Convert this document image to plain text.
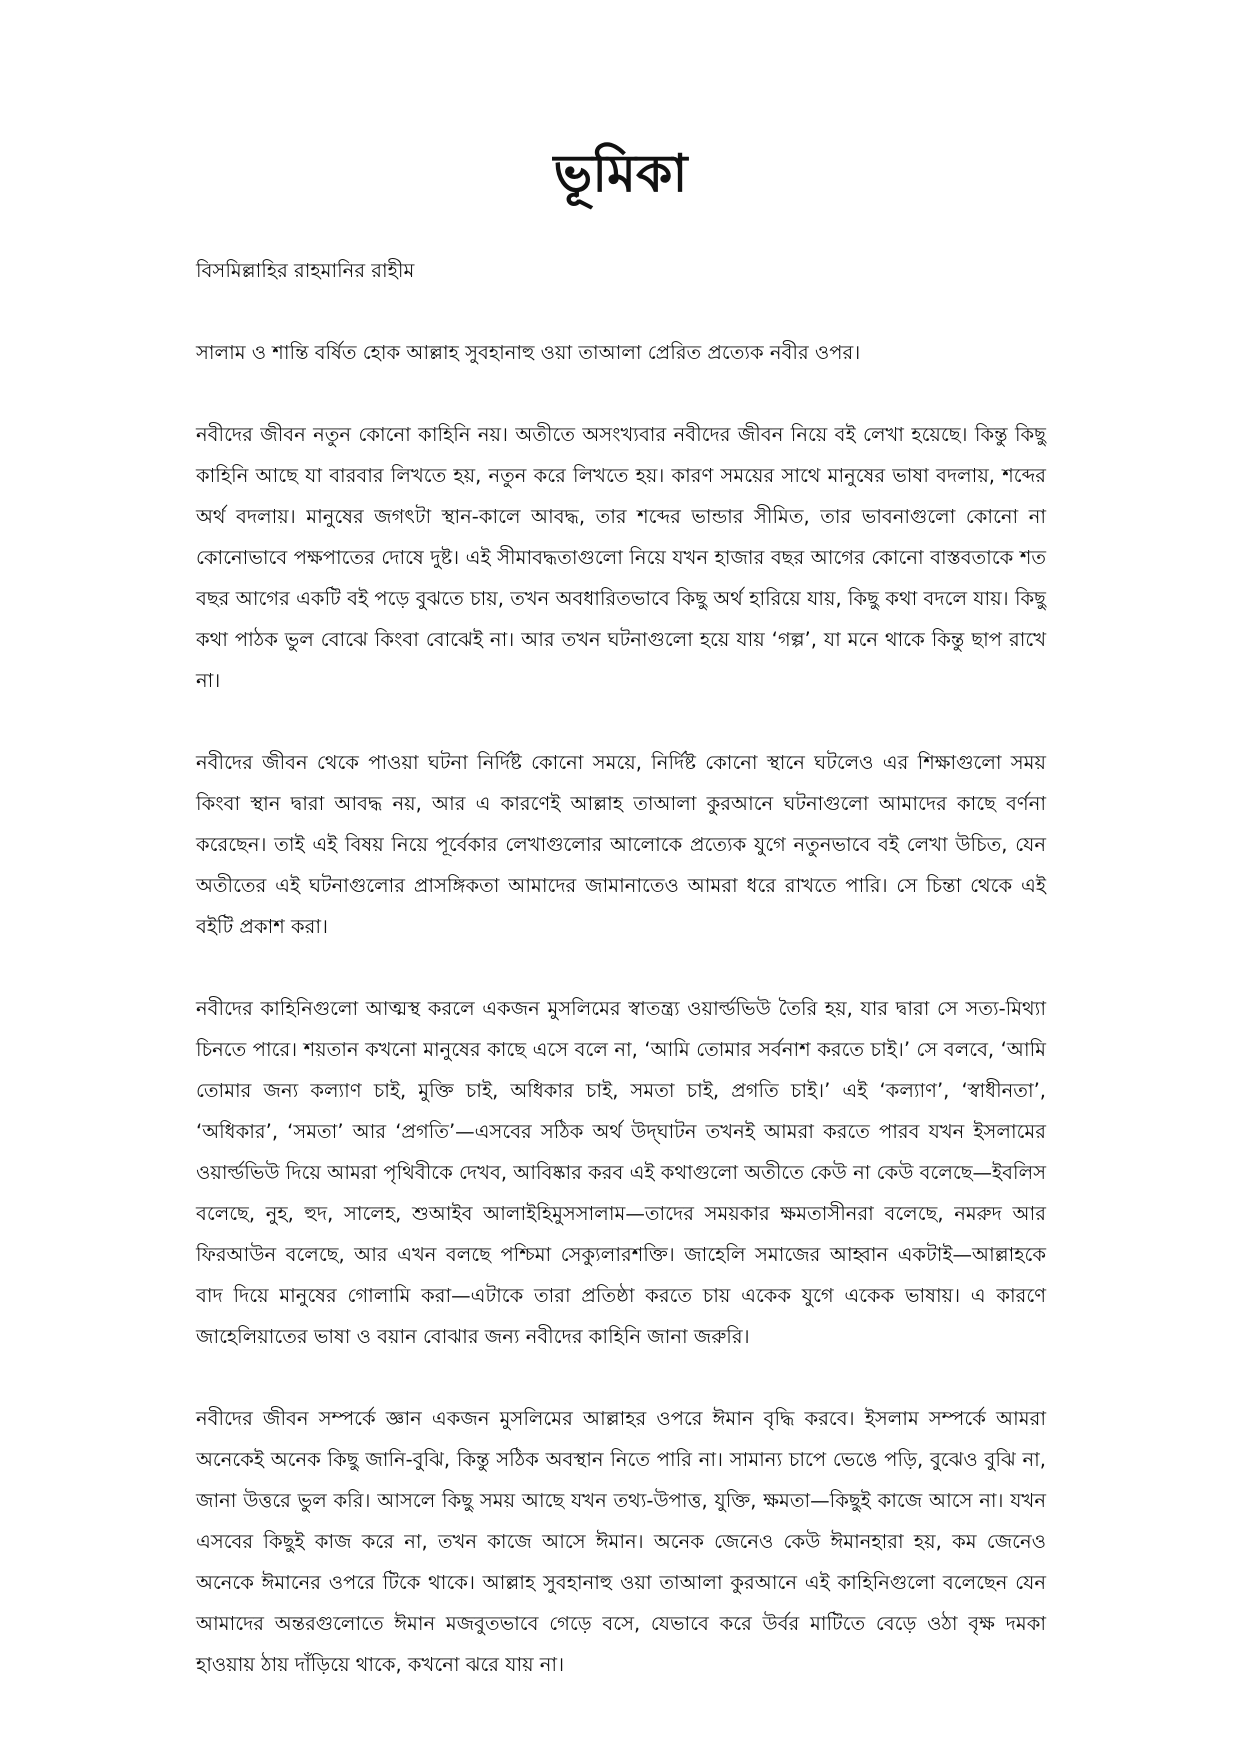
ভূমিকা

বিসমিল্লাহির রাহমানির রাহীম

সালাম ও শান্তি বর্ষিত হোক আল্লাহ সুবহানাহু ওয়া তাআলা প্রেরিত প্রত্যেক নবীর ওপর।

নবীদের জীবন নতুন কোনো কাহিনি নয়। অতীতে অসংখ্যবার নবীদের জীবন নিয়ে বই লেখা হয়েছে। কিন্তু কিছু কাহিনি আছে যা বারবার লিখতে হয়, নতুন করে লিখতে হয়। কারণ সময়ের সাথে মানুষের ভাষা বদলায়, শব্দের অর্থ বদলায়। মানুষের জগৎটা স্থান-কালে আবদ্ধ, তার শব্দের ভান্ডার সীমিত, তার ভাবনাগুলো কোনো না কোনোভাবে পক্ষপাতের দোষে দুষ্ট। এই সীমাবদ্ধতাগুলো নিয়ে যখন হাজার বছর আগের কোনো বাস্তবতাকে শত বছর আগের একটি বই পড়ে বুঝতে চায়, তখন অবধারিতভাবে কিছু অর্থ হারিয়ে যায়, কিছু কথা বদলে যায়। কিছু কথা পাঠক ভুল বোঝে কিংবা বোঝেই না। আর তখন ঘটনাগুলো হয়ে যায় ‘গল্প’, যা মনে থাকে কিন্তু ছাপ রাখে না।

নবীদের জীবন থেকে পাওয়া ঘটনা নির্দিষ্ট কোনো সময়ে, নির্দিষ্ট কোনো স্থানে ঘটলেও এর শিক্ষাগুলো সময় কিংবা স্থান দ্বারা আবদ্ধ নয়, আর এ কারণেই আল্লাহ তাআলা কুরআনে ঘটনাগুলো আমাদের কাছে বর্ণনা করেছেন। তাই এই বিষয় নিয়ে পূর্বেকার লেখাগুলোর আলোকে প্রত্যেক যুগে নতুনভাবে বই লেখা উচিত, যেন অতীতের এই ঘটনাগুলোর প্রাসঙ্গিকতা আমাদের জামানাতেও আমরা ধরে রাখতে পারি। সে চিন্তা থেকে এই বইটি প্রকাশ করা।

নবীদের কাহিনিগুলো আত্মস্থ করলে একজন মুসলিমের স্বাতন্ত্র্য ওয়ার্ল্ডভিউ তৈরি হয়, যার দ্বারা সে সত্য-মিথ্যা চিনতে পারে। শয়তান কখনো মানুষের কাছে এসে বলে না, ‘আমি তোমার সর্বনাশ করতে চাই।’ সে বলবে, ‘আমি তোমার জন্য কল্যাণ চাই, মুক্তি চাই, অধিকার চাই, সমতা চাই, প্রগতি চাই।’ এই ‘কল্যাণ’, ‘স্বাধীনতা’, ‘অধিকার’, ‘সমতা’ আর ‘প্রগতি’—এসবের সঠিক অর্থ উদ্‌ঘাটন তখনই আমরা করতে পারব যখন ইসলামের ওয়ার্ল্ডভিউ দিয়ে আমরা পৃথিবীকে দেখব, আবিষ্কার করব এই কথাগুলো অতীতে কেউ না কেউ বলেছে—ইবলিস বলেছে, নুহ, হুদ, সালেহ, শুআইব আলাইহিমুসসালাম—তাদের সময়কার ক্ষমতাসীনরা বলেছে, নমরুদ আর ফিরআউন বলেছে, আর এখন বলছে পশ্চিমা সেক্যুলারশক্তি। জাহেলি সমাজের আহ্বান একটাই—আল্লাহকে বাদ দিয়ে মানুষের গোলামি করা—এটাকে তারা প্রতিষ্ঠা করতে চায় একেক যুগে একেক ভাষায়। এ কারণে জাহেলিয়াতের ভাষা ও বয়ান বোঝার জন্য নবীদের কাহিনি জানা জরুরি।

নবীদের জীবন সম্পর্কে জ্ঞান একজন মুসলিমের আল্লাহর ওপরে ঈমান বৃদ্ধি করবে। ইসলাম সম্পর্কে আমরা অনেকেই অনেক কিছু জানি-বুঝি, কিন্তু সঠিক অবস্থান নিতে পারি না। সামান্য চাপে ভেঙে পড়ি, বুঝেও বুঝি না, জানা উত্তরে ভুল করি। আসলে কিছু সময় আছে যখন তথ্য-উপাত্ত, যুক্তি, ক্ষমতা—কিছুই কাজে আসে না। যখন এসবের কিছুই কাজ করে না, তখন কাজে আসে ঈমান। অনেক জেনেও কেউ ঈমানহারা হয়, কম জেনেও অনেকে ঈমানের ওপরে টিকে থাকে। আল্লাহ সুবহানাহু ওয়া তাআলা কুরআনে এই কাহিনিগুলো বলেছেন যেন আমাদের অন্তরগুলোতে ঈমান মজবুতভাবে গেড়ে বসে, যেভাবে করে উর্বর মাটিতে বেড়ে ওঠা বৃক্ষ দমকা হাওয়ায় ঠায় দাঁড়িয়ে থাকে, কখনো ঝরে যায় না।
